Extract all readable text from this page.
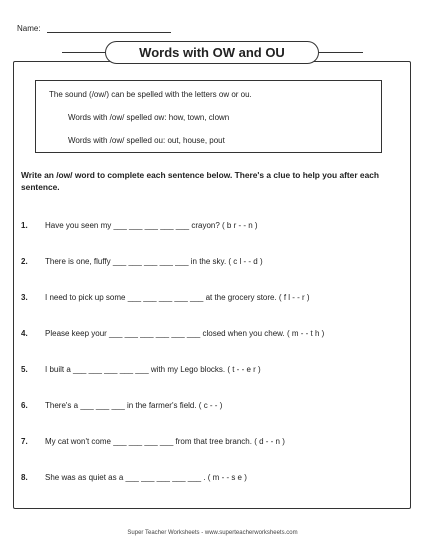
Name:
Words with OW and OU
The sound (/ow/) can be spelled with the letters ow or ou.
Words with /ow/ spelled ow: how, town, clown
Words with /ow/ spelled ou: out, house, pout
Write an /ow/ word to complete each sentence below. There's a clue to help you after each sentence.
1. Have you seen my ___ ___ ___ ___ ___ crayon? ( b r - - n )
2. There is one, fluffy ___ ___ ___ ___ ___ in the sky. ( c l - - d )
3. I need to pick up some ___ ___ ___ ___ ___ at the grocery store. ( f l - - r )
4. Please keep your ___ ___ ___ ___ ___ ___ closed when you chew. ( m - - t h )
5. I built a ___ ___ ___ ___ ___ with my Lego blocks. ( t - - e r )
6. There's a ___ ___ ___ in the farmer's field. ( c - - )
7. My cat won't come ___ ___ ___ ___ from that tree branch. ( d - - n )
8. She was as quiet as a ___ ___ ___ ___ ___ . ( m - - s e )
Super Teacher Worksheets - www.superteacherworksheets.com
